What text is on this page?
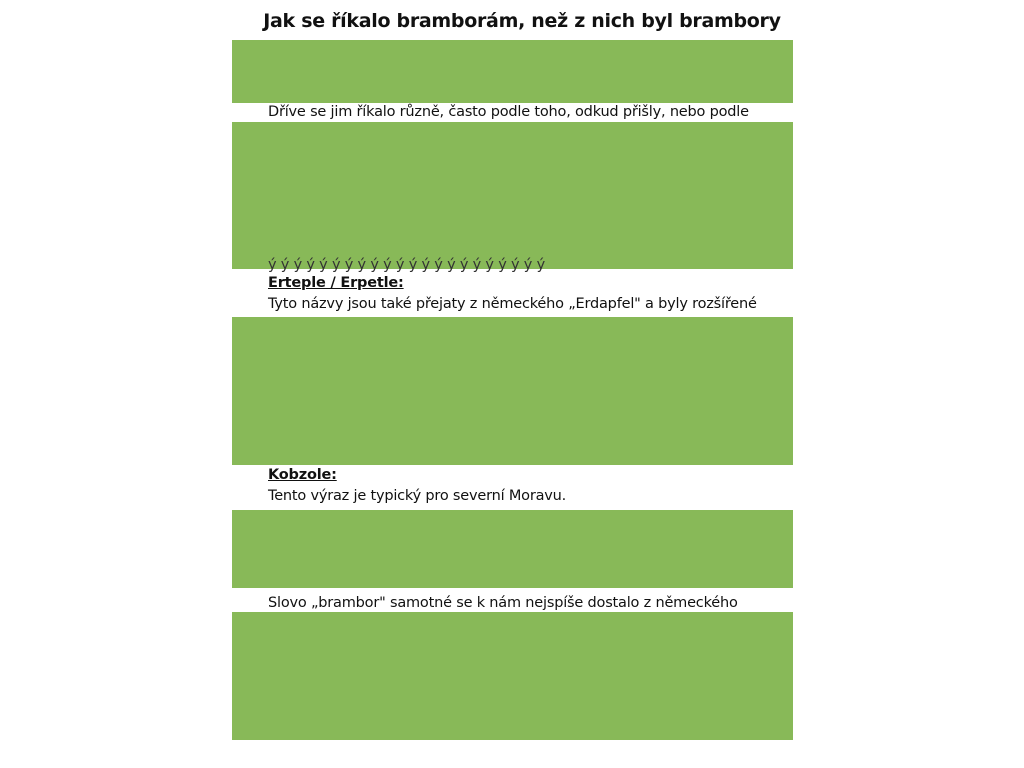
Jak se říkalo bramborám, než z nich byl brambory
Dříve se jim říkalo různě, často podle toho, odkud přišly, nebo podle
ý ý ý ý ý ý ý ý ý ý ý ý ý ý ý ý ý ý ý ý ý ý
Erteple / Erpetle:
Tyto názvy jsou také přejaty z německého „Erdapfel" a byly rozšířené
Kobzole:
Tento výraz je typický pro severní Moravu.
Slovo „brambor" samotné se k nám nejspíše dostalo z německého
